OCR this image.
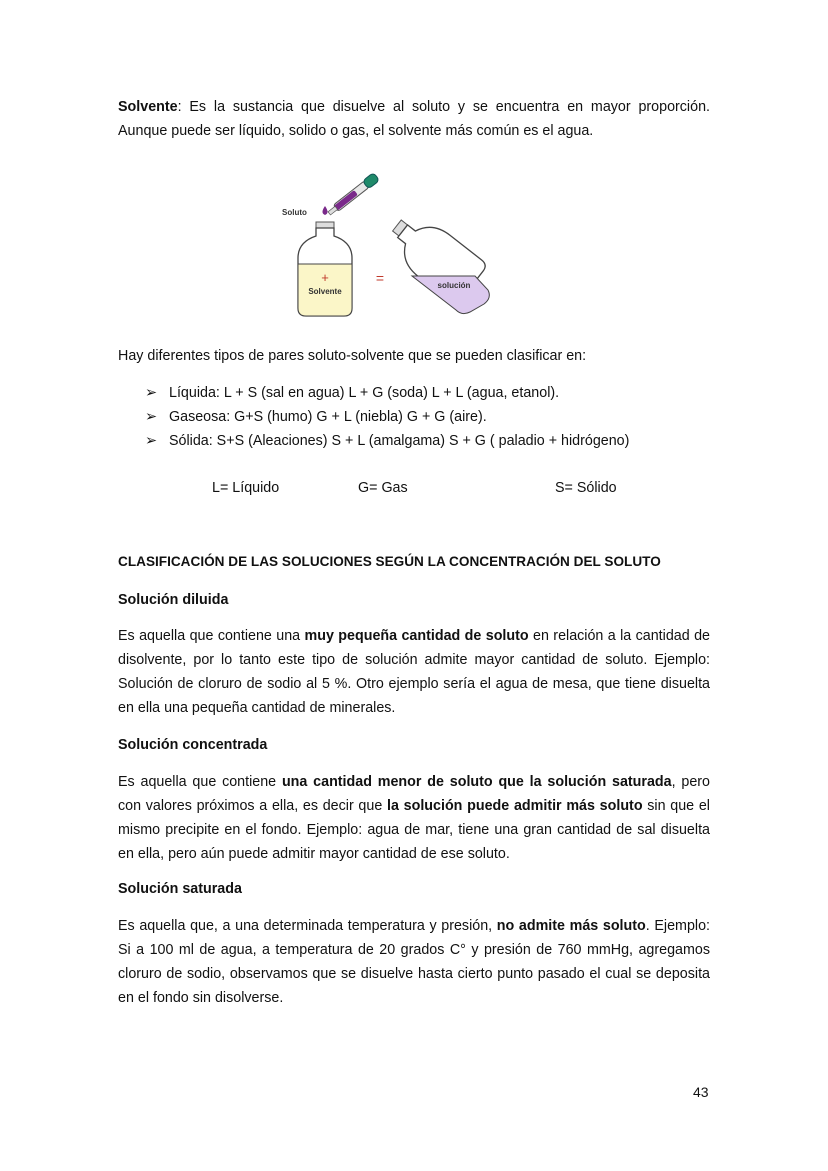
Solvente: Es la sustancia que disuelve al soluto y se encuentra en mayor proporción. Aunque puede ser líquido, solido o gas, el solvente más común es el agua.
Soluto
+
Solvente
=	solución
Hay diferentes tipos de pares soluto-solvente que se pueden clasificar en:
➢ Líquida: L + S (sal en agua) L + G (soda) L + L (agua, etanol).
➢ Gaseosa: G+S (humo) G + L (niebla) G + G (aire).
➢ Sólida: S+S (Aleaciones) S + L (amalgama) S + G ( paladio + hidrógeno)
L= Líquido	G= Gas	S= Sólido
CLASIFICACIÓN DE LAS SOLUCIONES SEGÚN LA CONCENTRACIÓN DEL SOLUTO
Solución diluida
Es aquella que contiene una muy pequeña cantidad de soluto en relación a la cantidad de disolvente, por lo tanto este tipo de solución admite mayor cantidad de soluto. Ejemplo: Solución de cloruro de sodio al 5 %. Otro ejemplo sería el agua de mesa, que tiene disuelta en ella una pequeña cantidad de minerales.
Solución concentrada
Es aquella que contiene una cantidad menor de soluto que la solución saturada, pero con valores próximos a ella, es decir que la solución puede admitir más soluto sin que el mismo precipite en el fondo. Ejemplo: agua de mar, tiene una gran cantidad de sal disuelta en ella, pero aún puede admitir mayor cantidad de ese soluto.
Solución saturada
Es aquella que, a una determinada temperatura y presión, no admite más soluto. Ejemplo: Si a 100 ml de agua, a temperatura de 20 grados C° y presión de 760 mmHg, agregamos cloruro de sodio, observamos que se disuelve hasta cierto punto pasado el cual se deposita en el fondo sin disolverse.
43
